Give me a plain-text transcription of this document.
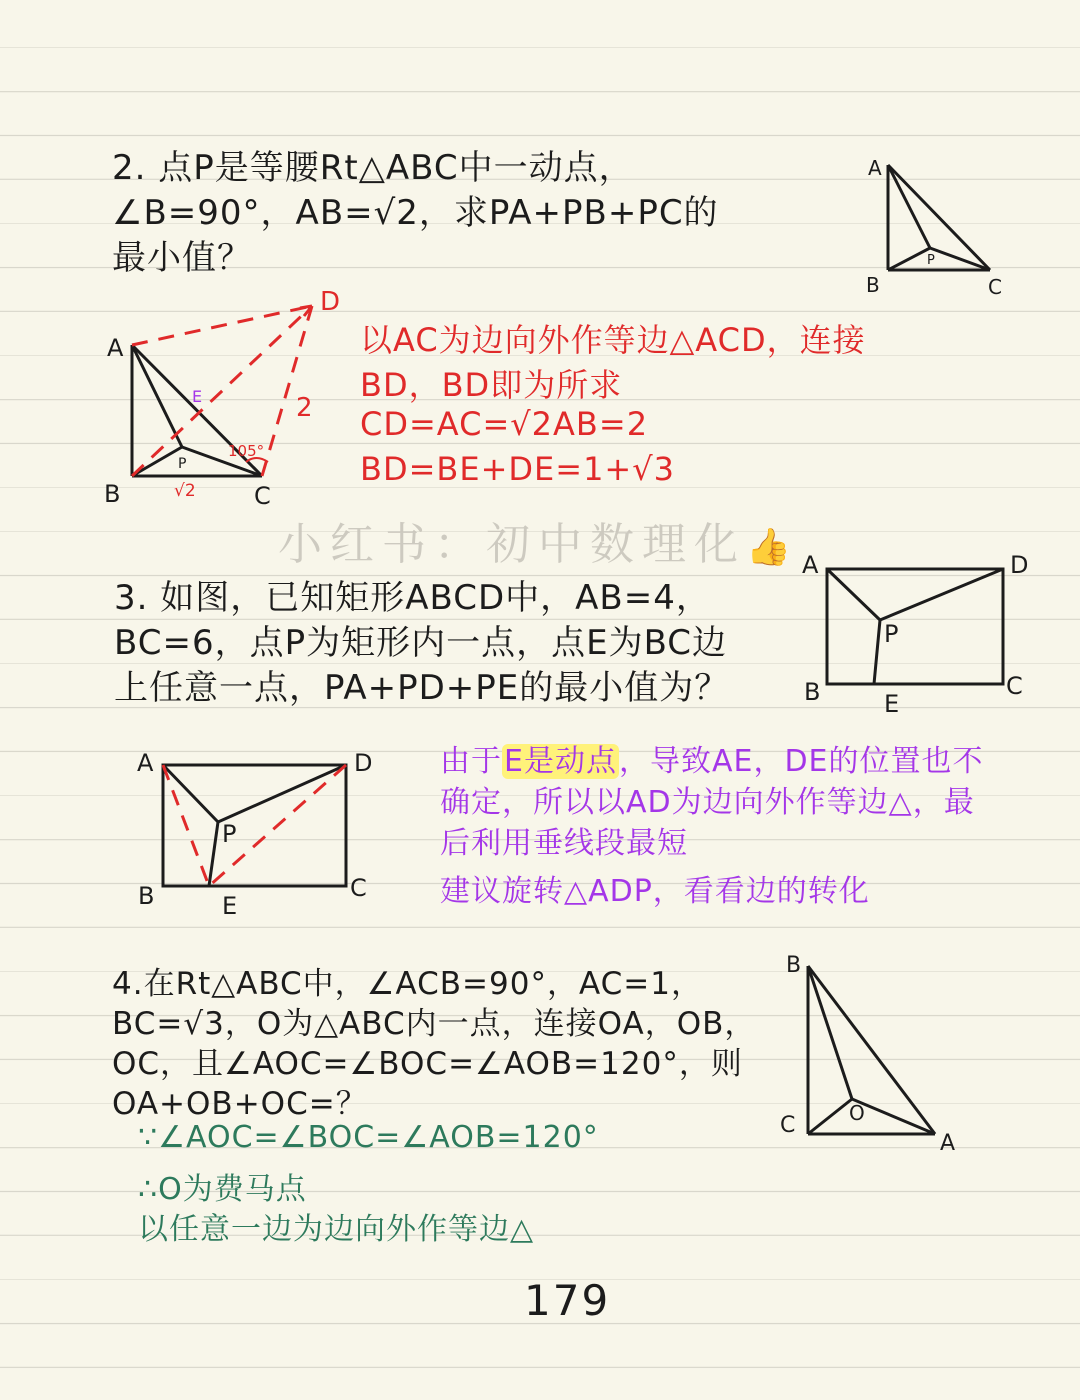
2. 点P是等腰Rt△ABC中一动点，
∠B=90°，AB=√2，求PA+PB+PC的
最小值？
A
B	C
P
A
B	C
D
E
P
105°
√2
2
A	D
B	C
E
P
A	D
B	C
E
P
B
C
A
O
以AC为边向外作等边△ACD，连接
BD，BD即为所求
CD=AC=√2AB=2
BD=BE+DE=1+√3
小红书：初中数理化👍
3. 如图，已知矩形ABCD中，AB=4，
BC=6，点P为矩形内一点，点E为BC边
上任意一点，PA+PD+PE的最小值为？
由于E是动点，导致AE，DE的位置也不
确定，所以以AD为边向外作等边△，最
后利用垂线段最短
建议旋转△ADP，看看边的转化
4.在Rt△ABC中，∠ACB=90°，AC=1，
BC=√3，O为△ABC内一点，连接OA，OB，
OC，且∠AOC=∠BOC=∠AOB=120°，则
OA+OB+OC=？
∵∠AOC=∠BOC=∠AOB=120°
∴O为费马点
以任意一边为边向外作等边△
179
